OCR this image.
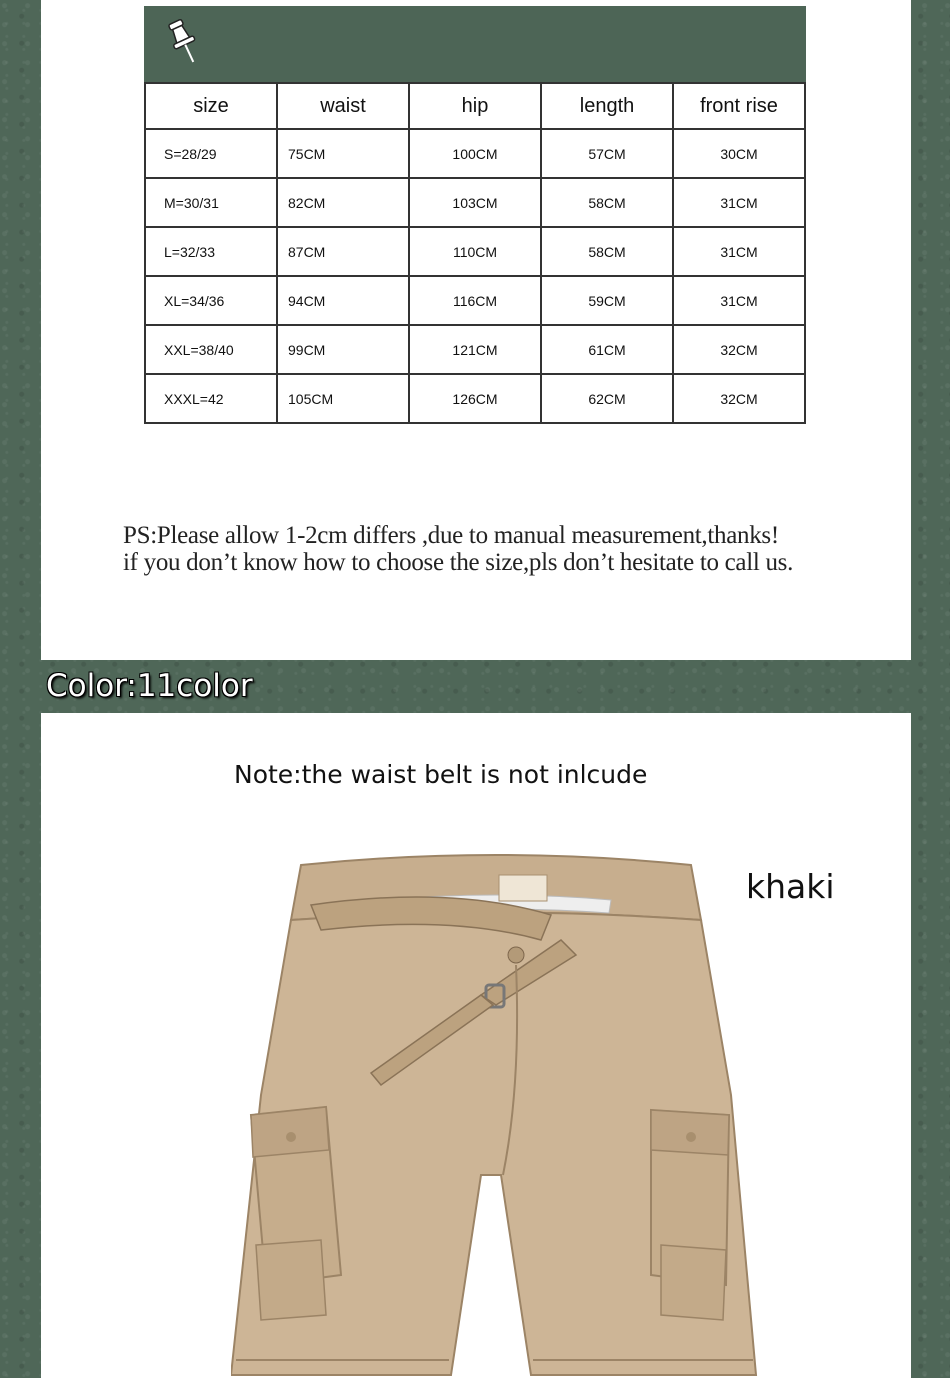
size	waist	hip	length	front rise
S=28/29	75CM	100CM	57CM	30CM
M=30/31	82CM	103CM	58CM	31CM
L=32/33	87CM	110CM	58CM	31CM
XL=34/36	94CM	116CM	59CM	31CM
XXL=38/40	99CM	121CM	61CM	32CM
XXXL=42	105CM	126CM	62CM	32CM
PS:Please allow 1-2cm differs ,due to manual measurement,thanks!
if you don’t know how to choose the size,pls don’t hesitate to call us.
Color:11color
Note:the waist belt is not inlcude
khaki
